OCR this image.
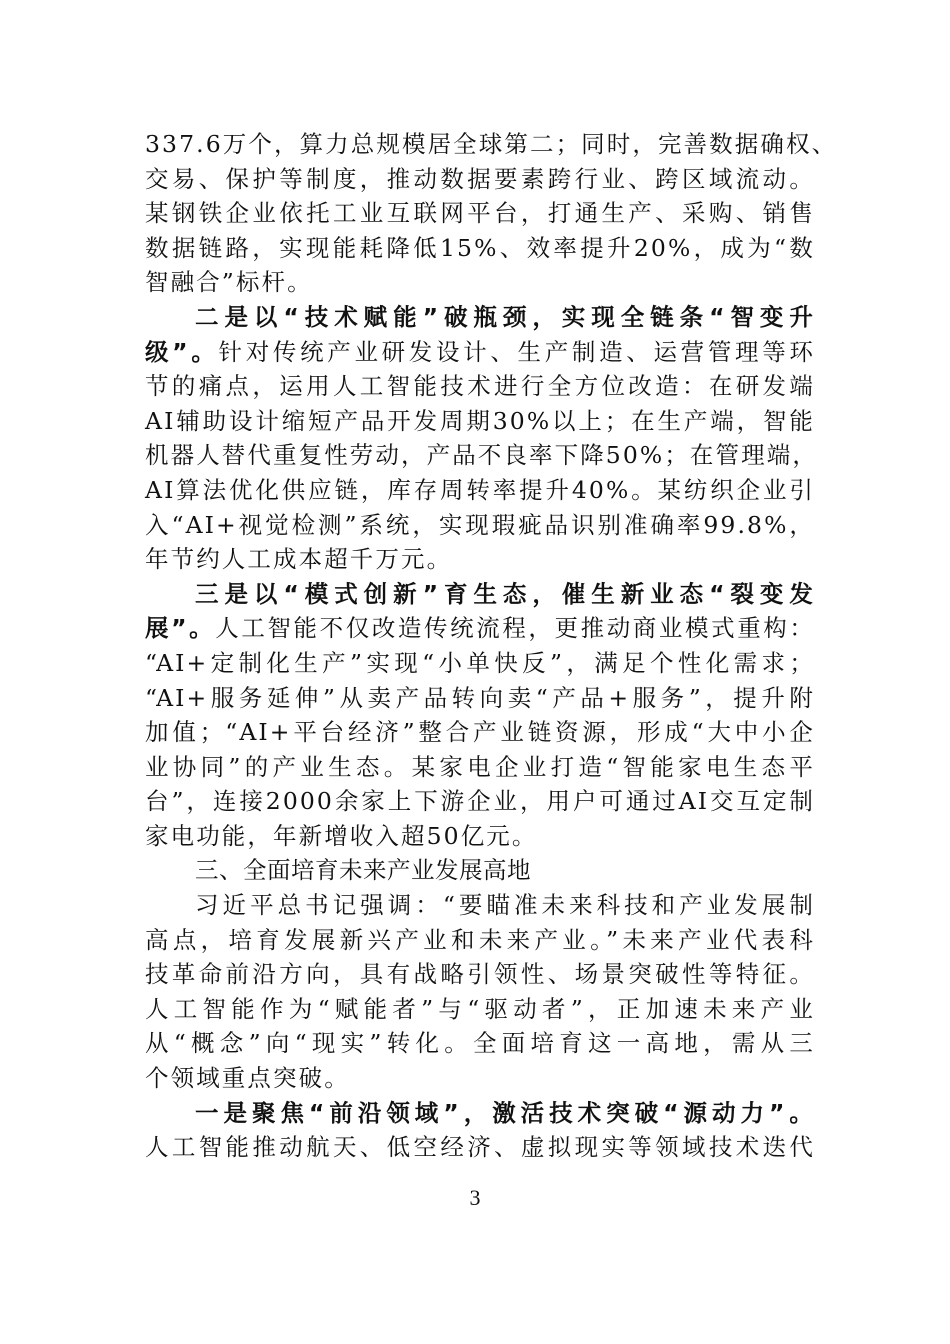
337.6万个，算力总规模居全球第二；同时，完善数据确权、
交易、保护等制度，推动数据要素跨行业、跨区域流动。
某钢铁企业依托工业互联网平台，打通生产、采购、销售
数据链路，实现能耗降低15%、效率提升20%，成为“数
智融合”标杆。
二是以“技术赋能”破瓶颈，实现全链条“智变升
级”。针对传统产业研发设计、生产制造、运营管理等环
节的痛点，运用人工智能技术进行全方位改造：在研发端
AI辅助设计缩短产品开发周期30%以上；在生产端，智能
机器人替代重复性劳动，产品不良率下降50%；在管理端，
AI算法优化供应链，库存周转率提升40%。某纺织企业引
入“AI+视觉检测”系统，实现瑕疵品识别准确率99.8%，
年节约人工成本超千万元。
三是以“模式创新”育生态，催生新业态“裂变发
展”。人工智能不仅改造传统流程，更推动商业模式重构：
“AI+定制化生产”实现“小单快反”，满足个性化需求；
“AI+服务延伸”从卖产品转向卖“产品+服务”，提升附
加值；“AI+平台经济”整合产业链资源，形成“大中小企
业协同”的产业生态。某家电企业打造“智能家电生态平
台”，连接2000余家上下游企业，用户可通过AI交互定制
家电功能，年新增收入超50亿元。
三、全面培育未来产业发展高地
习近平总书记强调：“要瞄准未来科技和产业发展制
高点，培育发展新兴产业和未来产业。”未来产业代表科
技革命前沿方向，具有战略引领性、场景突破性等特征。
人工智能作为“赋能者”与“驱动者”，正加速未来产业
从“概念”向“现实”转化。全面培育这一高地，需从三
个领域重点突破。
一是聚焦“前沿领域”，激活技术突破“源动力”。
人工智能推动航天、低空经济、虚拟现实等领域技术迭代
3
